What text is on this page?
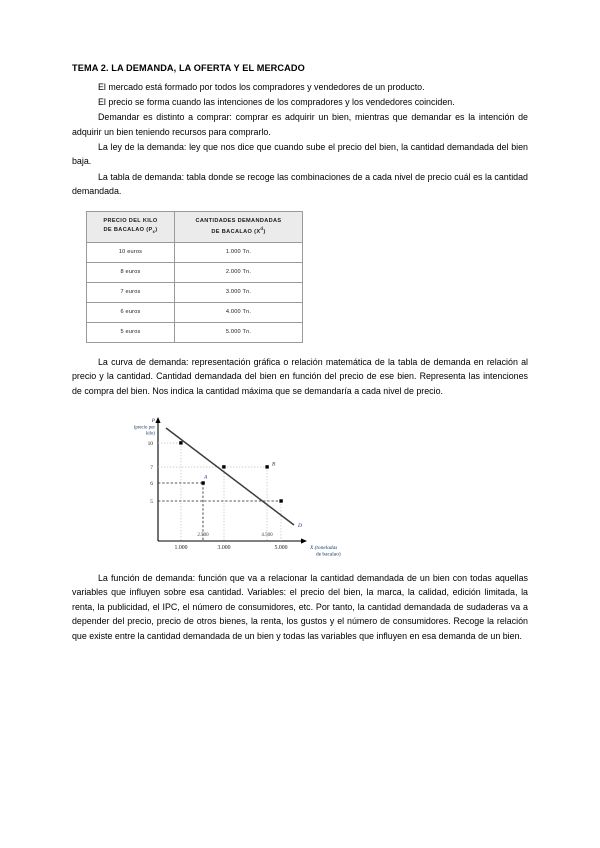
TEMA 2. LA DEMANDA, LA OFERTA Y EL MERCADO

El mercado está formado por todos los compradores y vendedores de un producto.

El precio se forma cuando las intenciones de los compradores y los vendedores coinciden.

Demandar es distinto a comprar: comprar es adquirir un bien, mientras que demandar es la intención de adquirir un bien teniendo recursos para comprarlo.

La ley de la demanda: ley que nos dice que cuando sube el precio del bien, la cantidad demandada del bien baja.

La tabla de demanda: tabla donde se recoge las combinaciones de a cada nivel de precio cuál es la cantidad demandada.

PRECIO DEL KILO
DE BACALAO $(P_x)$	CANTIDADES DEMANDADAS
DE BACALAO $(X^d)$
10 euros	1.000 Tn.
8 euros	2.000 Tn.
7 euros	3.000 Tn.
6 euros	4.000 Tn.
5 euros	5.000 Tn.

La curva de demanda: representación gráfica o relación matemática de la tabla de demanda en relación al precio y la cantidad. Cantidad demandada del bien en función del precio de ese bien. Representa las intenciones de compra del bien. Nos indica la cantidad máxima que se demandaría a cada nivel de precio.

A
B
D
10
7
6
5
P
(precio por
kilo)
2.500	4.500
1.000	3.000	5.000	X (toneladas
de bacalao)

La función de demanda: función que va a relacionar la cantidad demandada de un bien con todas aquellas variables que influyen sobre esa cantidad. Variables: el precio del bien, la marca, la calidad, edición limitada, la renta, la publicidad, el IPC, el número de consumidores, etc. Por tanto, la cantidad demandada de sudaderas va a depender del precio, precio de otros bienes, la renta, los gustos y el número de consumidores. Recoge la relación que existe entre la cantidad demandada de un bien y todas las variables que influyen en esa demanda de un bien.
